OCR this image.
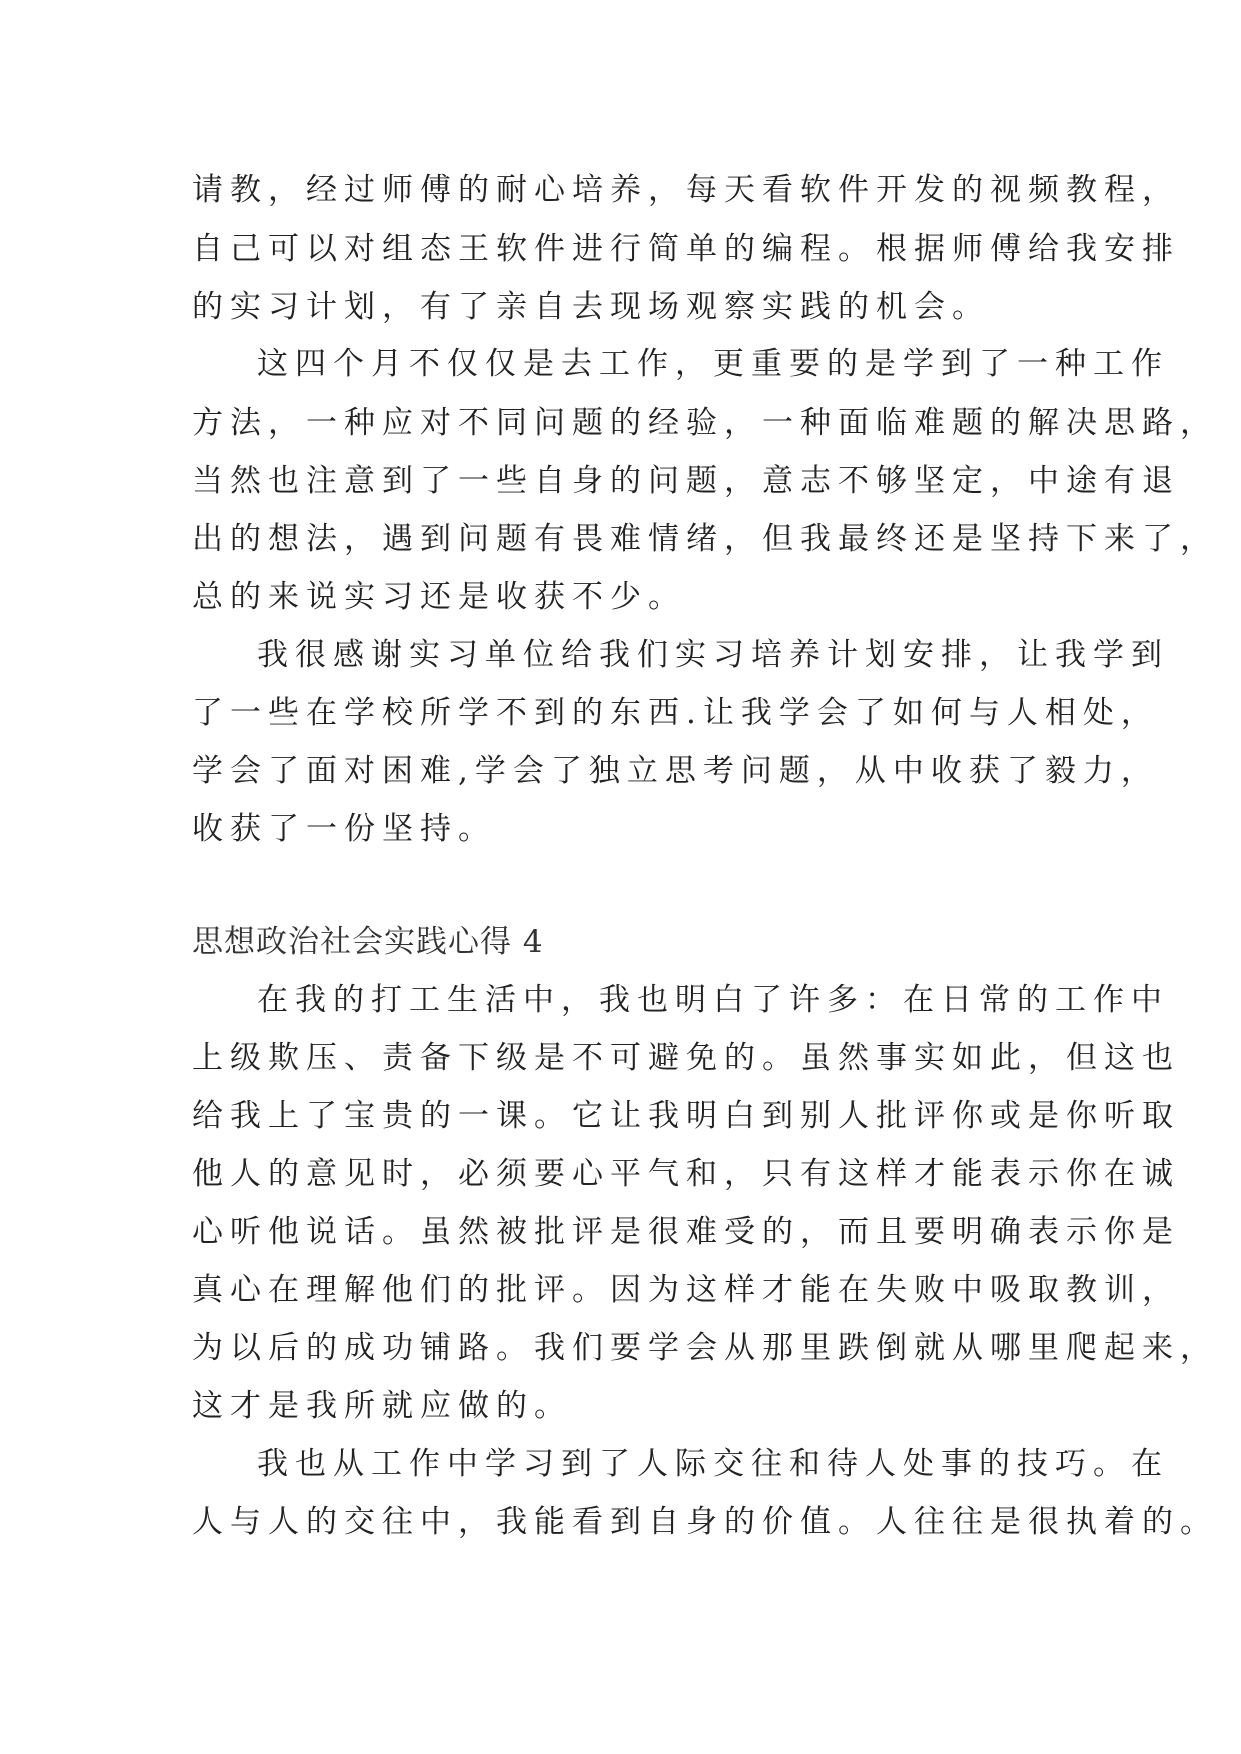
请教，经过师傅的耐心培养，每天看软件开发的视频教程，
自己可以对组态王软件进行简单的编程。根据师傅给我安排
的实习计划，有了亲自去现场观察实践的机会。
这四个月不仅仅是去工作，更重要的是学到了一种工作
方法，一种应对不同问题的经验，一种面临难题的解决思路，
当然也注意到了一些自身的问题，意志不够坚定，中途有退
出的想法，遇到问题有畏难情绪，但我最终还是坚持下来了，
总的来说实习还是收获不少。
我很感谢实习单位给我们实习培养计划安排，让我学到
了一些在学校所学不到的东西.让我学会了如何与人相处，
学会了面对困难,学会了独立思考问题，从中收获了毅力，
收获了一份坚持。
思想政治社会实践心得 4
在我的打工生活中，我也明白了许多：在日常的工作中
上级欺压、责备下级是不可避免的。虽然事实如此，但这也
给我上了宝贵的一课。它让我明白到别人批评你或是你听取
他人的意见时，必须要心平气和，只有这样才能表示你在诚
心听他说话。虽然被批评是很难受的，而且要明确表示你是
真心在理解他们的批评。因为这样才能在失败中吸取教训，
为以后的成功铺路。我们要学会从那里跌倒就从哪里爬起来，
这才是我所就应做的。
我也从工作中学习到了人际交往和待人处事的技巧。在
人与人的交往中，我能看到自身的价值。人往往是很执着的。
